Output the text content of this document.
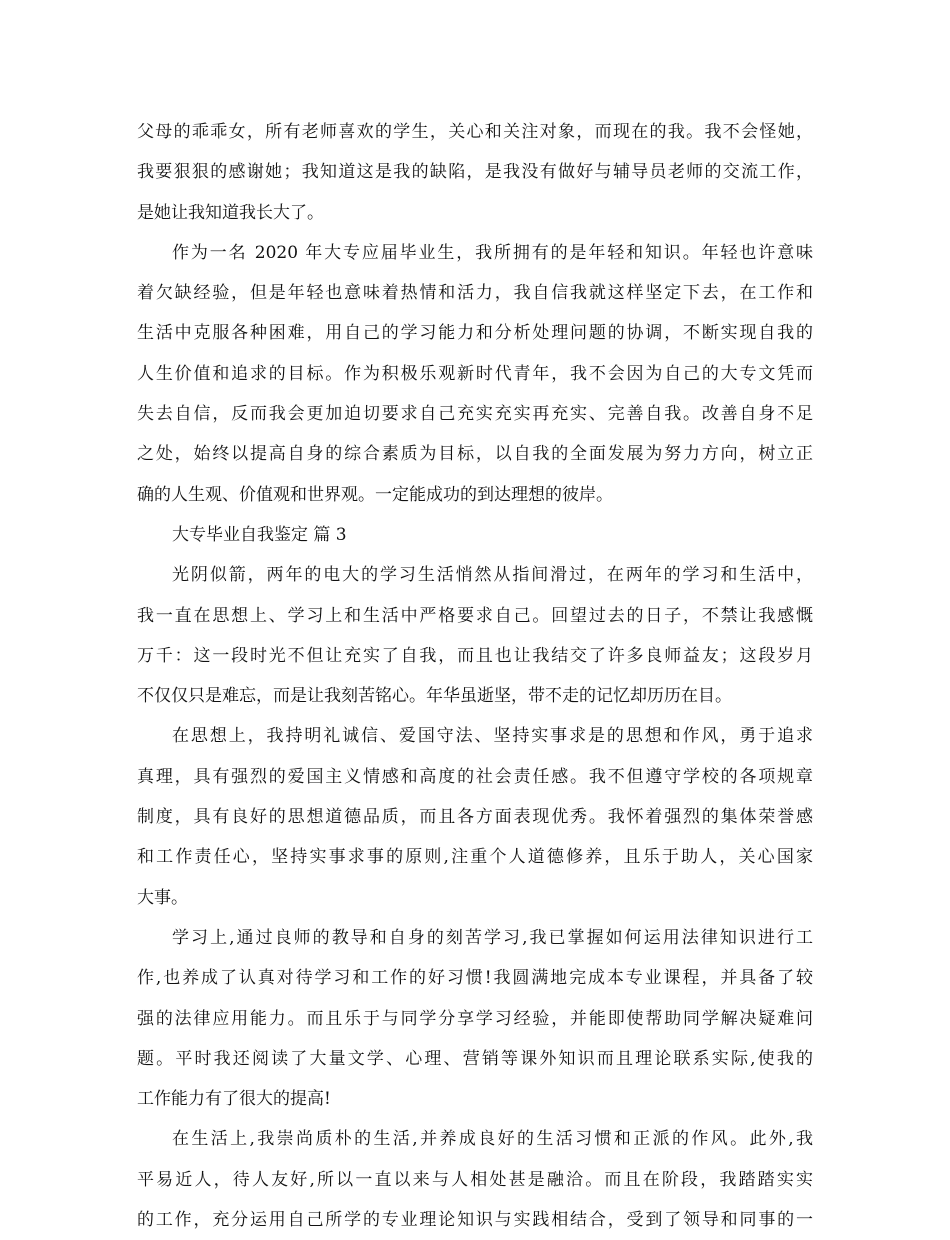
父母的乖乖女，所有老师喜欢的学生，关心和关注对象，而现在的我。我不会怪她，
我要狠狠的感谢她；我知道这是我的缺陷，是我没有做好与辅导员老师的交流工作，
是她让我知道我长大了。
作为一名 2020 年大专应届毕业生，我所拥有的是年轻和知识。年轻也许意味
着欠缺经验，但是年轻也意味着热情和活力，我自信我就这样坚定下去，在工作和
生活中克服各种困难，用自己的学习能力和分析处理问题的协调，不断实现自我的
人生价值和追求的目标。作为积极乐观新时代青年，我不会因为自己的大专文凭而
失去自信，反而我会更加迫切要求自己充实充实再充实、完善自我。改善自身不足
之处，始终以提高自身的综合素质为目标，以自我的全面发展为努力方向，树立正
确的人生观、价值观和世界观。一定能成功的到达理想的彼岸。
大专毕业自我鉴定 篇 3
光阴似箭，两年的电大的学习生活悄然从指间滑过，在两年的学习和生活中，
我一直在思想上、学习上和生活中严格要求自己。回望过去的日子，不禁让我感慨
万千：这一段时光不但让充实了自我，而且也让我结交了许多良师益友；这段岁月
不仅仅只是难忘，而是让我刻苦铭心。年华虽逝坚，带不走的记忆却历历在目。
在思想上，我持明礼诚信、爱国守法、坚持实事求是的思想和作风，勇于追求
真理，具有强烈的爱国主义情感和高度的社会责任感。我不但遵守学校的各项规章
制度，具有良好的思想道德品质，而且各方面表现优秀。我怀着强烈的集体荣誉感
和工作责任心，坚持实事求事的原则,注重个人道德修养，且乐于助人，关心国家
大事。
学习上,通过良师的教导和自身的刻苦学习,我已掌握如何运用法律知识进行工
作,也养成了认真对待学习和工作的好习惯!我圆满地完成本专业课程，并具备了较
强的法律应用能力。而且乐于与同学分享学习经验，并能即使帮助同学解决疑难问
题。平时我还阅读了大量文学、心理、营销等课外知识而且理论联系实际,使我的
工作能力有了很大的提高!
在生活上,我崇尚质朴的生活,并养成良好的生活习惯和正派的作风。此外,我
平易近人，待人友好,所以一直以来与人相处甚是融洽。而且在阶段，我踏踏实实
的工作，充分运用自己所学的专业理论知识与实践相结合，受到了领导和同事的一
